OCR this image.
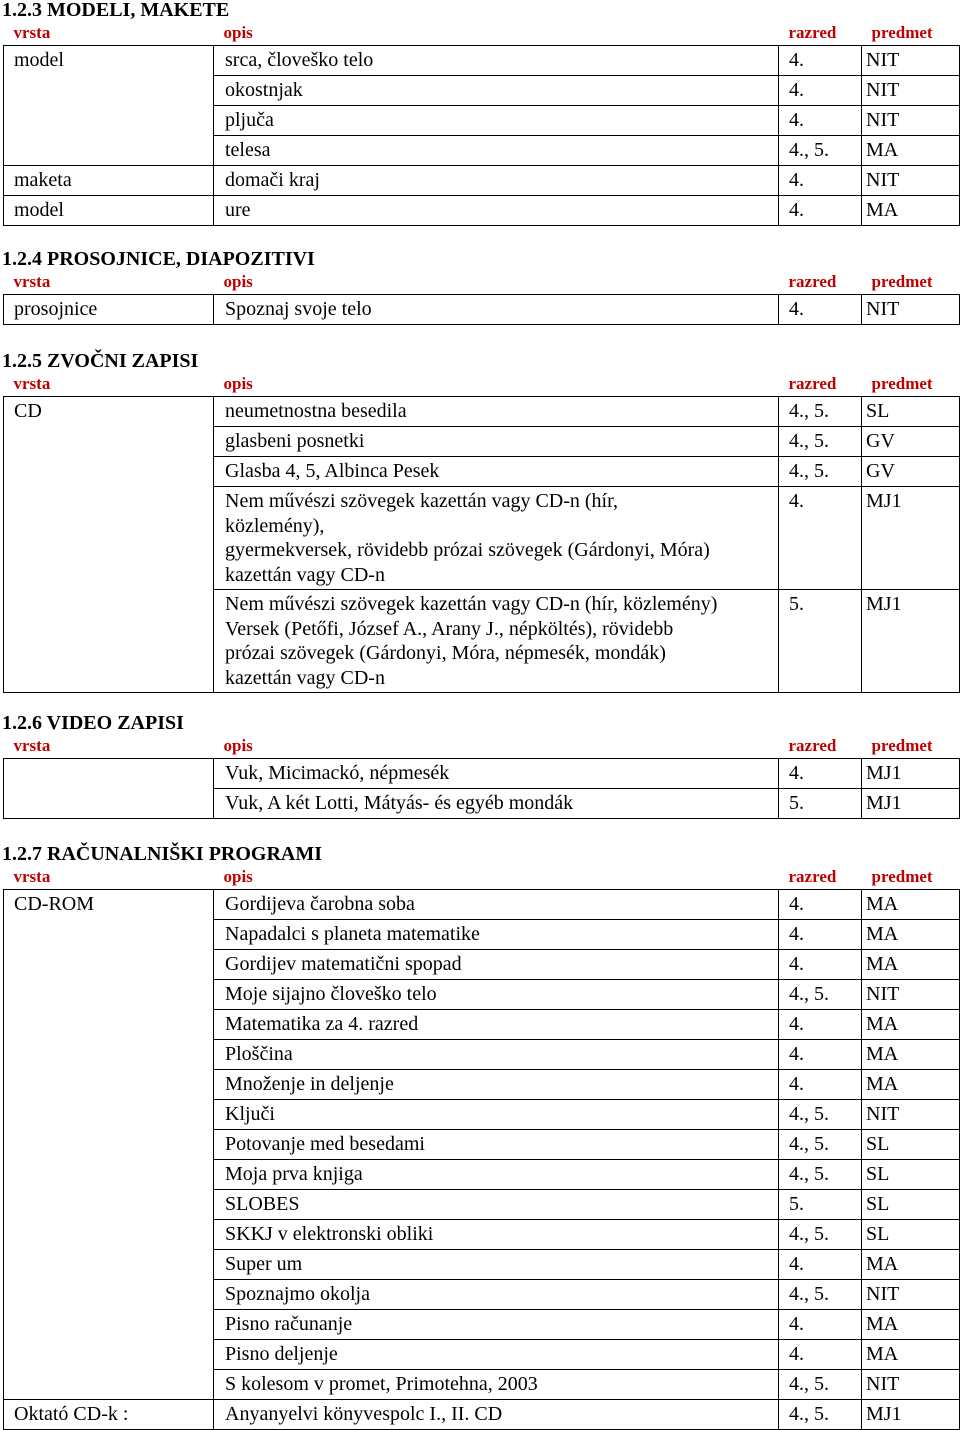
1.2.3 MODELI, MAKETE
vrsta	opis	razred	predmet
model	srca, človeško telo	4.	NIT
	okostnjak	4.	NIT
	pljuča	4.	NIT
	telesa	4., 5.	MA
maketa	domači kraj	4.	NIT
model	ure	4.	MA
1.2.4 PROSOJNICE, DIAPOZITIVI
vrsta	opis	razred	predmet
prosojnice	Spoznaj svoje telo	4.	NIT
1.2.5 ZVOČNI ZAPISI
vrsta	opis	razred	predmet
CD	neumetnostna besedila	4., 5.	SL
	glasbeni posnetki	4., 5.	GV
	Glasba 4, 5, Albinca Pesek	4., 5.	GV

	Nem művészi szövegek kazettán vagy CD-n (hír,
közlemény),
gyermekversek, rövidebb prózai szövegek (Gárdonyi, Móra)
kazettán vagy CD-n	4.	MJ1

	Nem művészi szövegek kazettán vagy CD-n (hír, közlemény)
Versek (Petőfi, József A., Arany J., népköltés), rövidebb
prózai szövegek (Gárdonyi, Móra, népmesék, mondák)
kazettán vagy CD-n	5.	MJ1
1.2.6 VIDEO ZAPISI
vrsta	opis	razred	predmet
	Vuk, Micimackó, népmesék	4.	MJ1
	Vuk, A két Lotti, Mátyás- és egyéb mondák	5.	MJ1
1.2.7 RAČUNALNIŠKI PROGRAMI
vrsta	opis	razred	predmet
CD-ROM	Gordijeva čarobna soba	4.	MA
	Napadalci s planeta matematike	4.	MA
	Gordijev matematični spopad	4.	MA
	Moje sijajno človeško telo	4., 5.	NIT
	Matematika za 4. razred	4.	MA
	Ploščina	4.	MA
	Množenje in deljenje	4.	MA
	Ključi	4., 5.	NIT
	Potovanje med besedami	4., 5.	SL
	Moja prva knjiga	4., 5.	SL
	SLOBES	5.	SL
	SKKJ v elektronski obliki	4., 5.	SL
	Super um	4.	MA
	Spoznajmo okolja	4., 5.	NIT
	Pisno računanje	4.	MA
	Pisno deljenje	4.	MA
	S kolesom v promet, Primotehna, 2003	4., 5.	NIT
Oktató CD-k :	Anyanyelvi könyvespolc I., II. CD	4., 5.	MJ1
